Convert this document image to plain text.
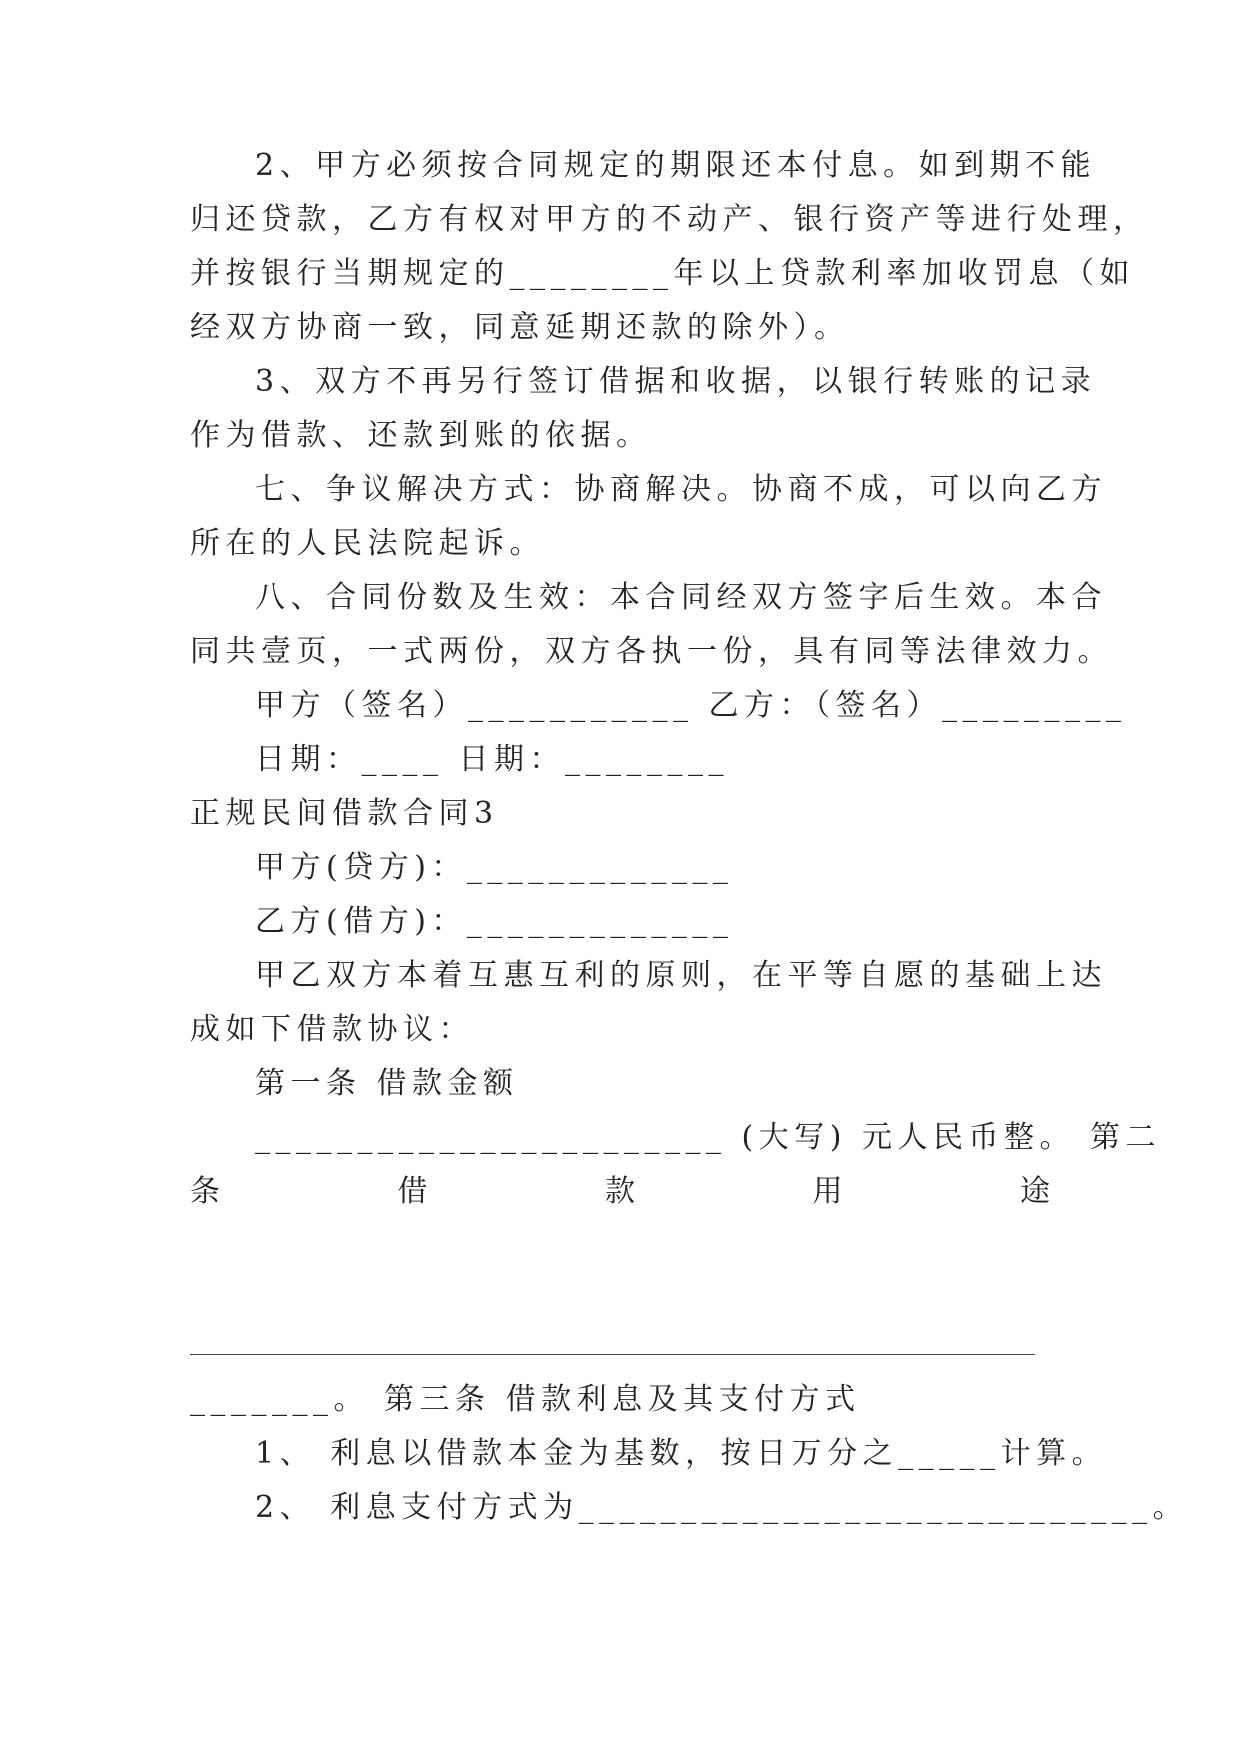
2、甲方必须按合同规定的期限还本付息。如到期不能
归还贷款，乙方有权对甲方的不动产、银行资产等进行处理，
并按银行当期规定的________年以上贷款利率加收罚息（如
经双方协商一致，同意延期还款的除外）。
3、双方不再另行签订借据和收据，以银行转账的记录
作为借款、还款到账的依据。
七、争议解决方式：协商解决。协商不成，可以向乙方
所在的人民法院起诉。
八、合同份数及生效：本合同经双方签字后生效。本合
同共壹页，一式两份，双方各执一份，具有同等法律效力。
甲方（签名）___________ 乙方：（签名）_________
日期：____ 日期：________
正规民间借款合同3
甲方(贷方)：_____________
乙方(借方)：_____________
甲乙双方本着互惠互利的原则，在平等自愿的基础上达
成如下借款协议：
第一条 借款金额
_______________________ (大写) 元人民币整。 第二
条	借	款	用	途
_______。 第三条 借款利息及其支付方式
1、 利息以借款本金为基数，按日万分之_____计算。
2、 利息支付方式为____________________________。
